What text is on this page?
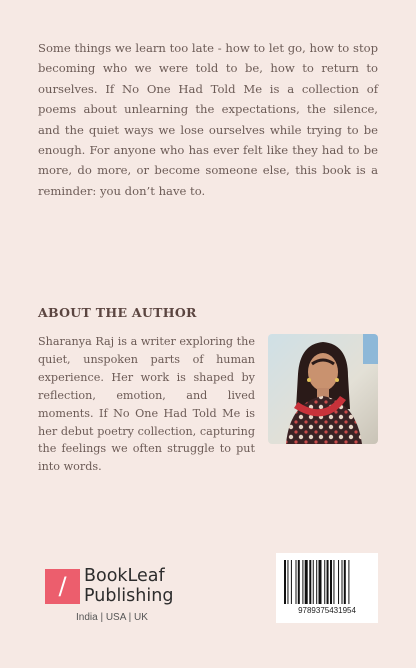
Some things we learn too late - how to let go, how to stop becoming who we were told to be, how to return to ourselves. If No One Had Told Me is a collection of poems about unlearning the expectations, the silence, and the quiet ways we lose ourselves while trying to be enough. For anyone who has ever felt like they had to be more, do more, or become someone else, this book is a reminder: you don’t have to.

ABOUT THE AUTHOR

Sharanya Raj is a writer exploring the quiet, unspoken parts of human experience. Her work is shaped by reflection, emotion, and lived moments. If No One Had Told Me is her debut poetry collection, capturing the feelings we often struggle to put into words.

/ BookLeaf
Publishing
India | USA | UK
9789375431954
